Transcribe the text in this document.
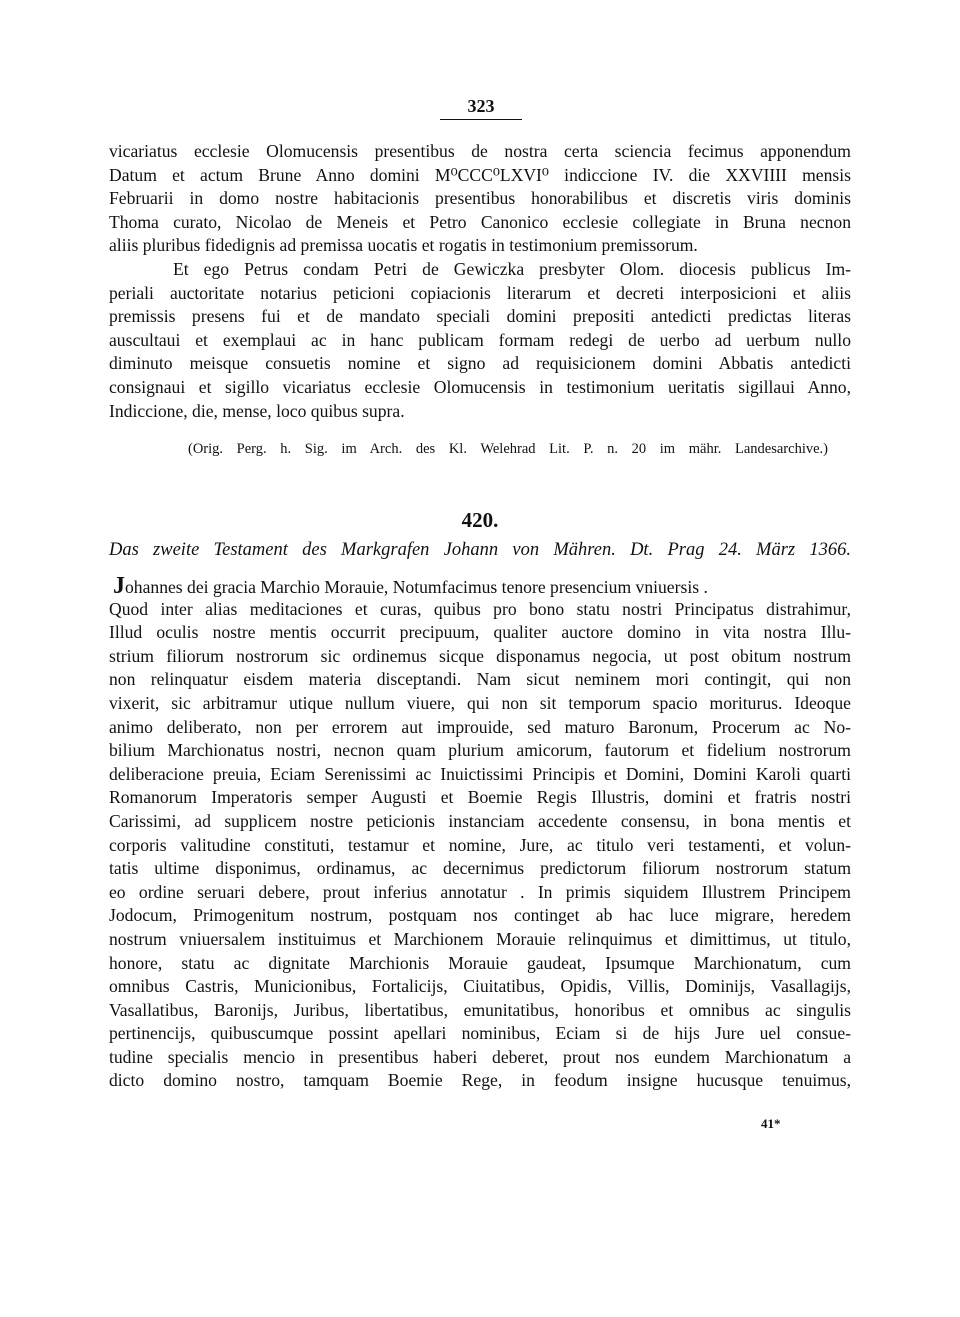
323
vicariatus ecclesie Olomucensis presentibus de nostra certa sciencia fecimus apponendum
Datum et actum Brune Anno domini M⁰CCC⁰LXVI⁰ indiccione IV. die XXVIIII mensis
Februarii in domo nostre habitacionis presentibus honorabilibus et discretis viris dominis
Thoma curato, Nicolao de Meneis et Petro Canonico ecclesie collegiate in Bruna necnon
aliis pluribus fidedignis ad premissa uocatis et rogatis in testimonium premissorum.
Et ego Petrus condam Petri de Gewiczka presbyter Olom. diocesis publicus Im-
periali auctoritate notarius peticioni copiacionis literarum et decreti interposicioni et aliis
premissis presens fui et de mandato speciali domini prepositi antedicti predictas literas
auscultaui et exemplaui ac in hanc publicam formam redegi de uerbo ad uerbum nullo
diminuto meisque consuetis nomine et signo ad requisicionem domini Abbatis antedicti
consignaui et sigillo vicariatus ecclesie Olomucensis in testimonium ueritatis sigillaui Anno,
Indiccione, die, mense, loco quibus supra.
(Orig. Perg. h. Sig. im Arch. des Kl. Welehrad Lit. P. n. 20 im mähr. Landesarchive.)
420.
Das zweite Testament des Markgrafen Johann von Mähren. Dt. Prag 24. März 1366.
Johannes dei gracia Marchio Morauie, Notumfacimus tenore presencium vniuersis .
Quod inter alias meditaciones et curas, quibus pro bono statu nostri Principatus distrahimur,
Illud oculis nostre mentis occurrit precipuum, qualiter auctore domino in vita nostra Illu-
strium filiorum nostrorum sic ordinemus sicque disponamus negocia, ut post obitum nostrum
non relinquatur eisdem materia disceptandi. Nam sicut neminem mori contingit, qui non
vixerit, sic arbitramur utique nullum viuere, qui non sit temporum spacio moriturus. Ideoque
animo deliberato, non per errorem aut improuide, sed maturo Baronum, Procerum ac No-
bilium Marchionatus nostri, necnon quam plurium amicorum, fautorum et fidelium nostrorum
deliberacione preuia, Eciam Serenissimi ac Inuictissimi Principis et Domini, Domini Karoli quarti
Romanorum Imperatoris semper Augusti et Boemie Regis Illustris, domini et fratris nostri
Carissimi, ad supplicem nostre peticionis instanciam accedente consensu, in bona mentis et
corporis valitudine constituti, testamur et nomine, Jure, ac titulo veri testamenti, et volun-
tatis ultime disponimus, ordinamus, ac decernimus predictorum filiorum nostrorum statum
eo ordine seruari debere, prout inferius annotatur . In primis siquidem Illustrem Principem
Jodocum, Primogenitum nostrum, postquam nos continget ab hac luce migrare, heredem
nostrum vniuersalem instituimus et Marchionem Morauie relinquimus et dimittimus, ut titulo,
honore, statu ac dignitate Marchionis Morauie gaudeat, Ipsumque Marchionatum, cum
omnibus Castris, Municionibus, Fortalicijs, Ciuitatibus, Opidis, Villis, Dominijs, Vasallagijs,
Vasallatibus, Baronijs, Juribus, libertatibus, emunitatibus, honoribus et omnibus ac singulis
pertinencijs, quibuscumque possint apellari nominibus, Eciam si de hijs Jure uel consue-
tudine specialis mencio in presentibus haberi deberet, prout nos eundem Marchionatum a
dicto domino nostro, tamquam Boemie Rege, in feodum insigne hucusque tenuimus,
41*
